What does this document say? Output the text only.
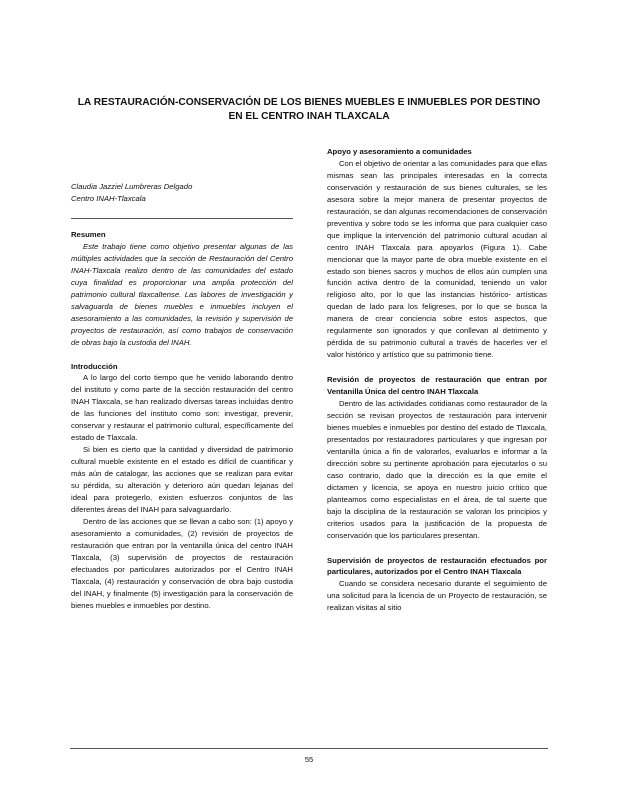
LA RESTAURACIÓN-CONSERVACIÓN DE LOS BIENES MUEBLES E INMUEBLES POR DESTINO EN EL CENTRO INAH TLAXCALA

Claudia Jazziel Lumbreras Delgado

Centro INAH-Tlaxcala

Resumen

Este trabajo tiene como objetivo presentar algunas de las múltiples actividades que la sección de Restauración del Centro INAH-Tlaxcala realizo dentro de las comunidades del estado cuya finalidad es proporcionar una amplia protección del patrimonio cultural tlaxcaltense. Las labores de investigación y salvaguarda de bienes muebles e inmuebles incluyen el asesoramiento a las comunidades, la revisión y supervisión de proyectos de restauración, así como trabajos de conservación de obras bajo la custodia del INAH.

Introducción

A lo largo del corto tiempo que he venido laborando dentro del instituto y como parte de la sección restauración del centro INAH Tlaxcala, se han realizado diversas tareas incluidas dentro de las funciones del instituto como son: investigar, prevenir, conservar y restaurar el patrimonio cultural, específicamente del estado de Tlaxcala.

Si bien es cierto que la cantidad y diversidad de patrimonio cultural mueble existente en el estado es difícil de cuantificar y más aún de catalogar, las acciones que se realizan para evitar su pérdida, su alteración y deterioro aún quedan lejanas del ideal para protegerlo, existen esfuerzos conjuntos de las diferentes áreas del INAH para salvaguardarlo.

Dentro de las acciones que se llevan a cabo son: (1) apoyo y asesoramiento a comunidades, (2) revisión de proyectos de restauración que entran por la ventanilla única del centro INAH Tlaxcala, (3) supervisión de proyectos de restauración efectuados por particulares autorizados por el Centro INAH Tlaxcala, (4) restauración y conservación de obra bajo custodia del INAH, y finalmente (5) investigación para la conservación de bienes muebles e inmuebles por destino.

Apoyo y asesoramiento a comunidades

Con el objetivo de orientar a las comunidades para que ellas mismas sean las principales interesadas en la correcta conservación y restauración de sus bienes culturales, se les asesora sobre la mejor manera de presentar proyectos de restauración, se dan algunas recomendaciones de conservación preventiva y sobre todo se les informa que para cualquier caso que implique la intervención del patrimonio cultural acudan al centro INAH Tlaxcala para apoyarlos (Figura 1). Cabe mencionar que la mayor parte de obra mueble existente en el estado son bienes sacros y muchos de ellos aún cumplen una función activa dentro de la comunidad, teniendo un valor religioso alto, por lo que las instancias histórico- artísticas quedan de lado para los feligreses, por lo que se busca la manera de crear conciencia sobre estos aspectos, que regularmente son ignorados y que conllevan al detrimento y pérdida de su patrimonio cultural a través de hacerles ver el valor histórico y artístico que su patrimonio tiene.

Revisión de proyectos de restauración que entran por Ventanilla Única del centro INAH Tlaxcala

Dentro de las actividades cotidianas como restaurador de la sección se revisan proyectos de restauración para intervenir bienes muebles e inmuebles por destino del estado de Tlaxcala, presentados por restauradores particulares y que ingresan por ventanilla única a fin de valorarlos, evaluarlos e informar a la dirección sobre su pertinente aprobación para ejecutarlos o su caso contrario, dado que la dirección es la que emite el dictamen y licencia, se apoya en nuestro juicio crítico que planteamos como especialistas en el área, de tal suerte que bajo la disciplina de la restauración se valoran los principios y criterios usados para la justificación de la propuesta de conservación que los particulares presentan.

Supervisión de proyectos de restauración efectuados por particulares, autorizados por el Centro INAH Tlaxcala

Cuando se considera necesario durante el seguimiento de una solicitud para la licencia de un Proyecto de restauración, se realizan visitas al sitio

55
